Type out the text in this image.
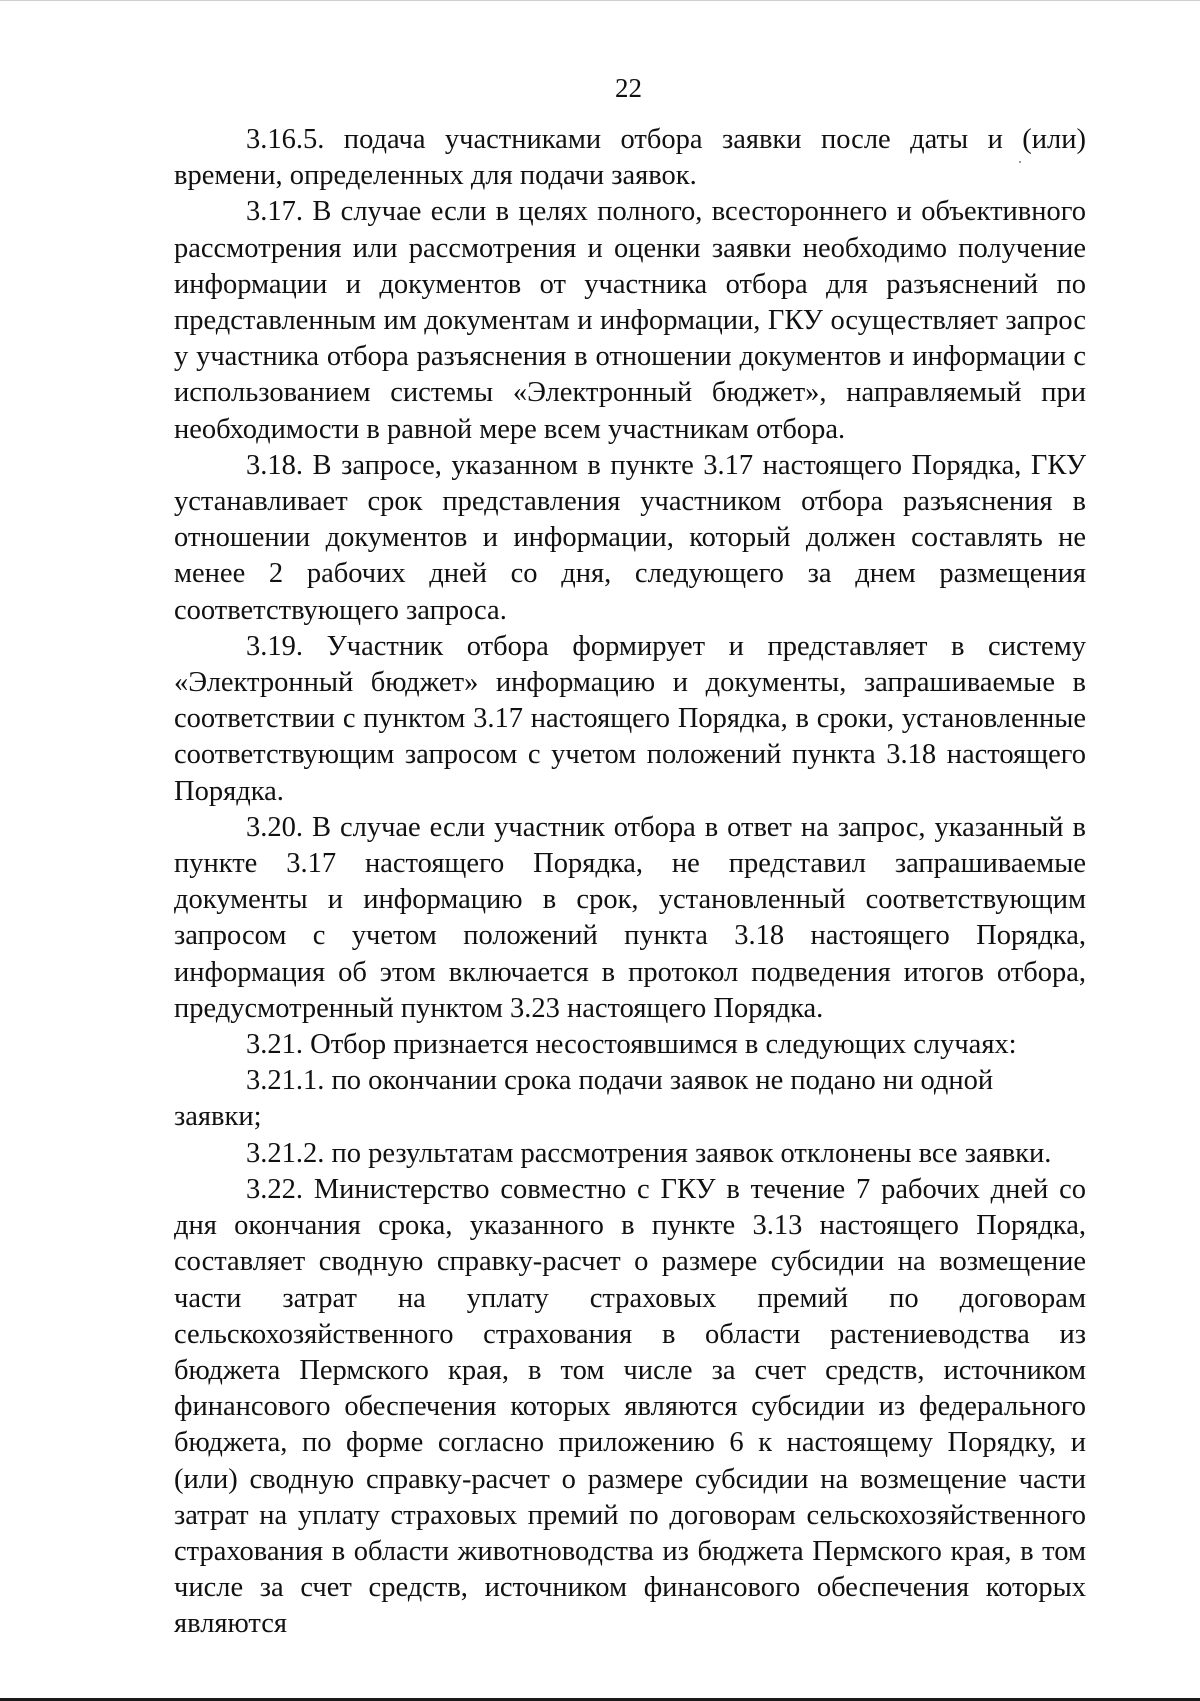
22

3.16.5. подача участниками отбора заявки после даты и (или) времени, определенных для подачи заявок.

3.17. В случае если в целях полного, всестороннего и объективного рассмотрения или рассмотрения и оценки заявки необходимо получение информации и документов от участника отбора для разъяснений по представленным им документам и информации, ГКУ осуществляет запрос у участника отбора разъяснения в отношении документов и информации с использованием системы «Электронный бюджет», направляемый при необходимости в равной мере всем участникам отбора.

3.18. В запросе, указанном в пункте 3.17 настоящего Порядка, ГКУ устанавливает срок представления участником отбора разъяснения в отношении документов и информации, который должен составлять не менее 2 рабочих дней со дня, следующего за днем размещения соответствующего запроса.

3.19. Участник отбора формирует и представляет в систему «Электронный бюджет» информацию и документы, запрашиваемые в соответствии с пунктом 3.17 настоящего Порядка, в сроки, установленные соответствующим запросом с учетом положений пункта 3.18 настоящего Порядка.

3.20. В случае если участник отбора в ответ на запрос, указанный в пункте 3.17 настоящего Порядка, не представил запрашиваемые документы и информацию в срок, установленный соответствующим запросом с учетом положений пункта 3.18 настоящего Порядка, информация об этом включается в протокол подведения итогов отбора, предусмотренный пунктом 3.23 настоящего Порядка.

3.21. Отбор признается несостоявшимся в следующих случаях:

3.21.1. по окончании срока подачи заявок не подано ни одной заявки;

3.21.2. по результатам рассмотрения заявок отклонены все заявки.

3.22. Министерство совместно с ГКУ в течение 7 рабочих дней со дня окончания срока, указанного в пункте 3.13 настоящего Порядка, составляет сводную справку-расчет о размере субсидии на возмещение части затрат на уплату страховых премий по договорам сельскохозяйственного страхования в области растениеводства из бюджета Пермского края, в том числе за счет средств, источником финансового обеспечения которых являются субсидии из федерального бюджета, по форме согласно приложению 6 к настоящему Порядку, и (или) сводную справку-расчет о размере субсидии на возмещение части затрат на уплату страховых премий по договорам сельскохозяйственного страхования в области животноводства из бюджета Пермского края, в том числе за счет средств, источником финансового обеспечения которых являются
